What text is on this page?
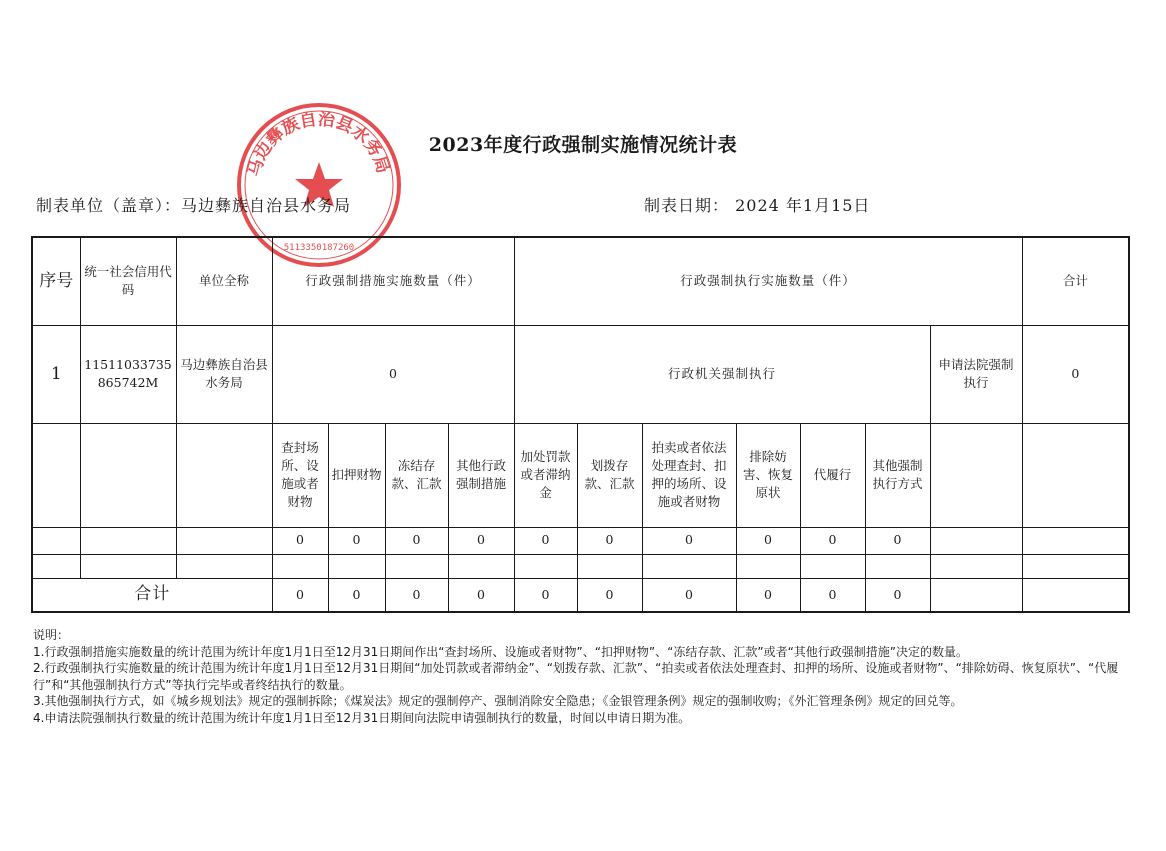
2023年度行政强制实施情况统计表
马边彝族自治县水务局
5113350187260
制表单位（盖章）：马边彝族自治县水务局	制表日期： 2024 年1月15日
序号	统一社会信用代码	单位全称	行政强制措施实施数量（件）				行政强制执行实施数量（件）							合计
1	11511033735865742M	马边彝族自治县水务局	0				行政机关强制执行						申请法院强制执行	0
			查封场所、设施或者财物	扣押财物	冻结存款、汇款	其他行政强制措施	加处罚款或者滞纳金	划拨存款、汇款	拍卖或者依法处理查封、扣押的场所、设施或者财物	排除妨害、恢复原状	代履行	其他强制执行方式		
			0	0	0	0	0	0	0	0	0	0		

合计			0	0	0	0	0	0	0	0	0	0		
说明：
1.行政强制措施实施数量的统计范围为统计年度1月1日至12月31日期间作出“查封场所、设施或者财物”、“扣押财物”、“冻结存款、汇款”或者“其他行政强制措施”决定的数量。
2.行政强制执行实施数量的统计范围为统计年度1月1日至12月31日期间“加处罚款或者滞纳金”、“划拨存款、汇款”、“拍卖或者依法处理查封、扣押的场所、设施或者财物”、“排除妨碍、恢复原状”、“代履行”和“其他强制执行方式”等执行完毕或者终结执行的数量。
3.其他强制执行方式，如《城乡规划法》规定的强制拆除；《煤炭法》规定的强制停产、强制消除安全隐患；《金银管理条例》规定的强制收购；《外汇管理条例》规定的回兑等。
4.申请法院强制执行数量的统计范围为统计年度1月1日至12月31日期间向法院申请强制执行的数量，时间以申请日期为准。
